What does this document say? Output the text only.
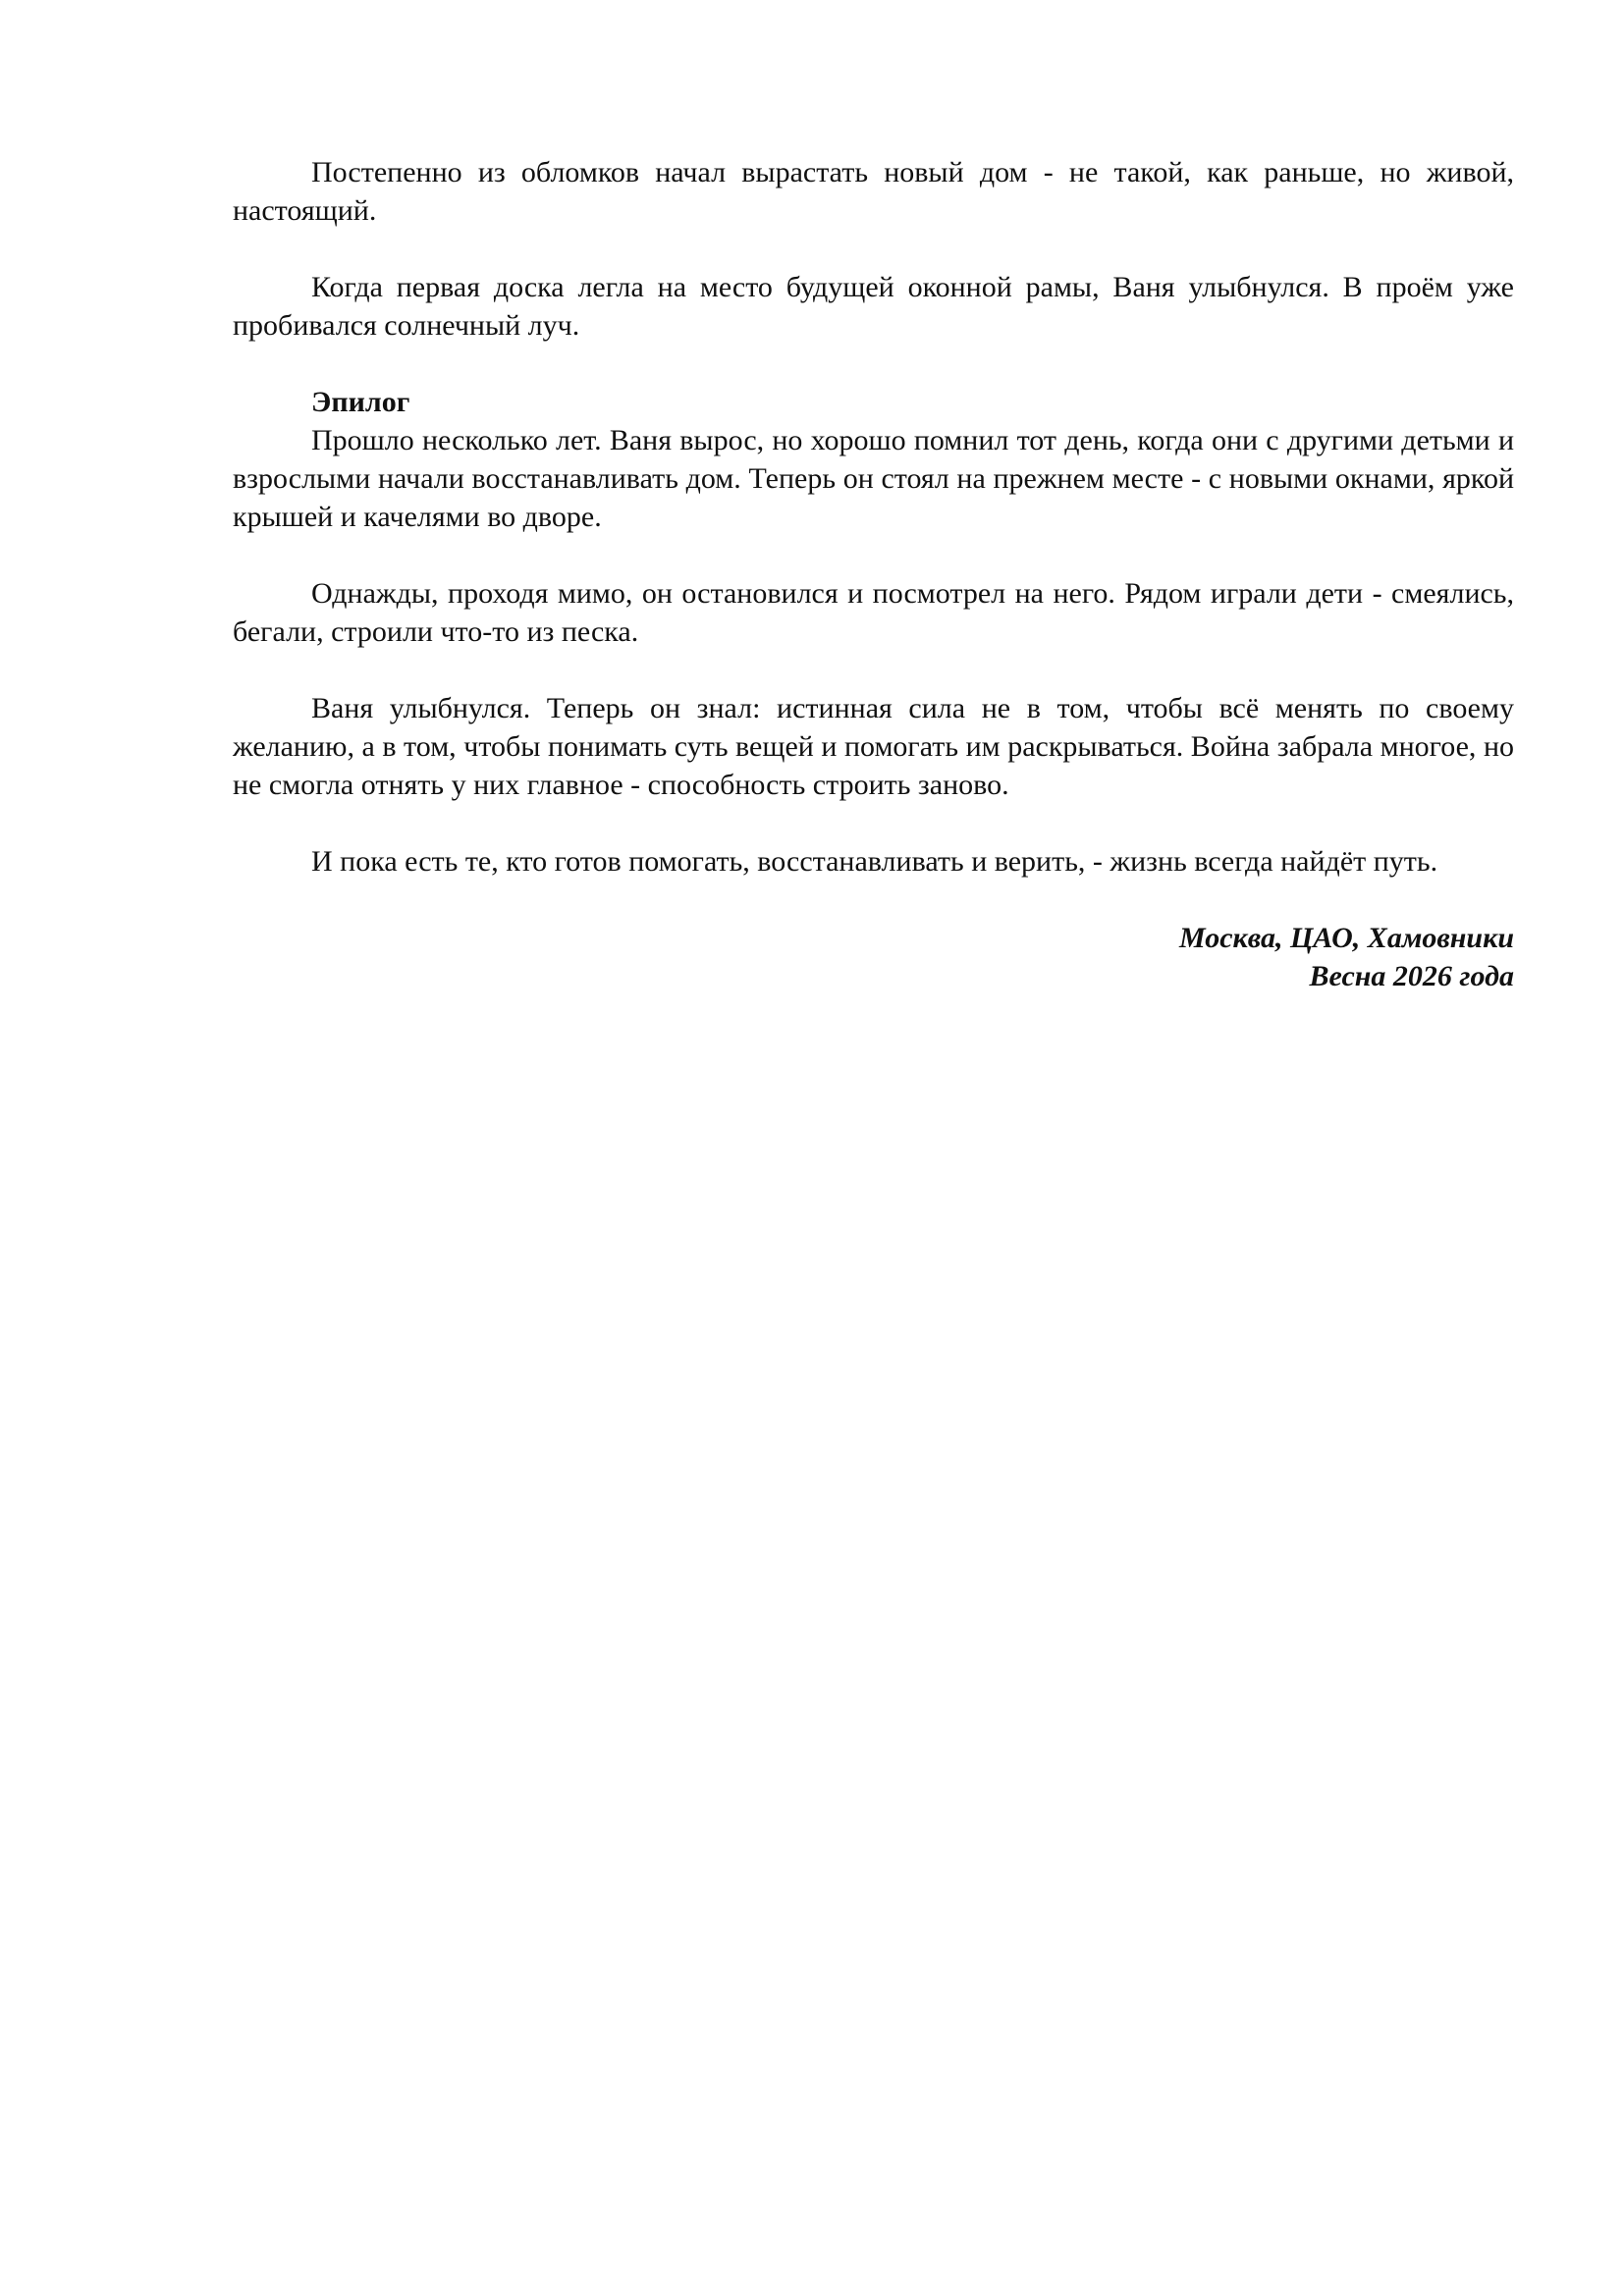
Постепенно из обломков начал вырастать новый дом - не такой, как раньше, но живой, настоящий.

Когда первая доска легла на место будущей оконной рамы, Ваня улыбнулся. В проём уже пробивался солнечный луч.

Эпилог

Прошло несколько лет. Ваня вырос, но хорошо помнил тот день, когда они с другими детьми и взрослыми начали восстанавливать дом. Теперь он стоял на прежнем месте - с новыми окнами, яркой крышей и качелями во дворе.

Однажды, проходя мимо, он остановился и посмотрел на него. Рядом играли дети - смеялись, бегали, строили что-то из песка.

Ваня улыбнулся. Теперь он знал: истинная сила не в том, чтобы всё менять по своему желанию, а в том, чтобы понимать суть вещей и помогать им раскрываться. Война забрала многое, но не смогла отнять у них главное - способность строить заново.

И пока есть те, кто готов помогать, восстанавливать и верить, - жизнь всегда найдёт путь.

Москва, ЦАО, Хамовники

Весна 2026 года
